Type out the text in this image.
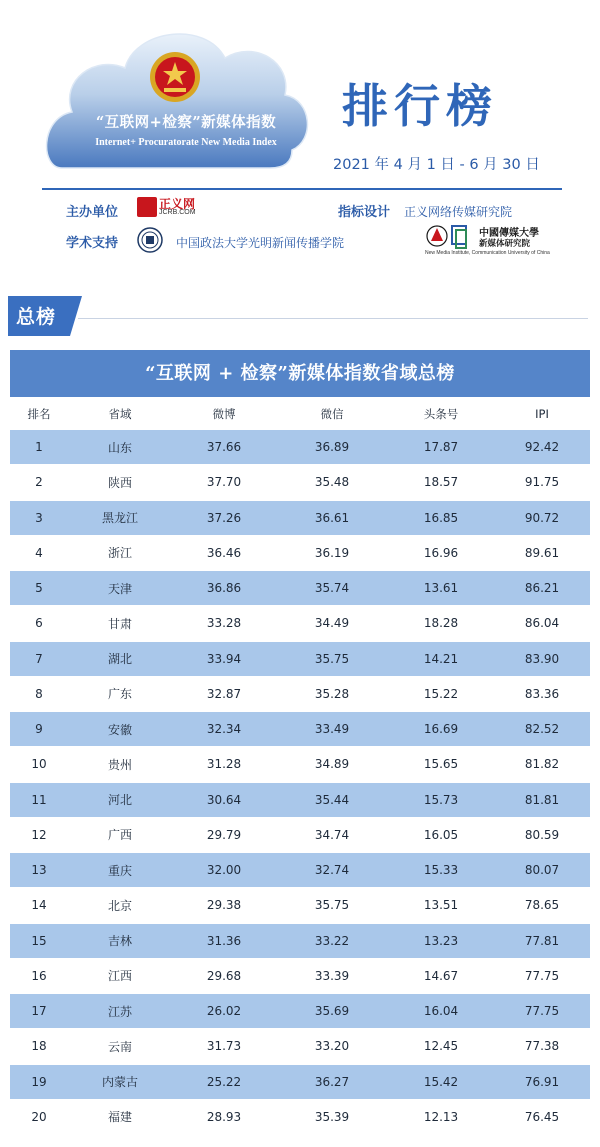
“互联网+检察”新媒体指数
Internet+ Procuratorate New Media Index
排行榜
2021 年 4 月 1 日 - 6 月 30 日
主办单位
正义网
JCRB.COM	指标设计 正义网络传媒研究院
学术支持	中国政法大学光明新闻传播学院
中國傳媒大學
新媒体研究院
New Media Institute, Communication University of China
总榜
“互联网 + 检察”新媒体指数省域总榜
排名	省域	微博	微信	头条号	IPI
1	山东	37.66	36.89	17.87	92.42
2	陕西	37.70	35.48	18.57	91.75
3	黑龙江	37.26	36.61	16.85	90.72
4	浙江	36.46	36.19	16.96	89.61
5	天津	36.86	35.74	13.61	86.21
6	甘肃	33.28	34.49	18.28	86.04
7	湖北	33.94	35.75	14.21	83.90
8	广东	32.87	35.28	15.22	83.36
9	安徽	32.34	33.49	16.69	82.52
10	贵州	31.28	34.89	15.65	81.82
11	河北	30.64	35.44	15.73	81.81
12	广西	29.79	34.74	16.05	80.59
13	重庆	32.00	32.74	15.33	80.07
14	北京	29.38	35.75	13.51	78.65
15	吉林	31.36	33.22	13.23	77.81
16	江西	29.68	33.39	14.67	77.75
17	江苏	26.02	35.69	16.04	77.75
18	云南	31.73	33.20	12.45	77.38
19	内蒙古	25.22	36.27	15.42	76.91
20	福建	28.93	35.39	12.13	76.45
